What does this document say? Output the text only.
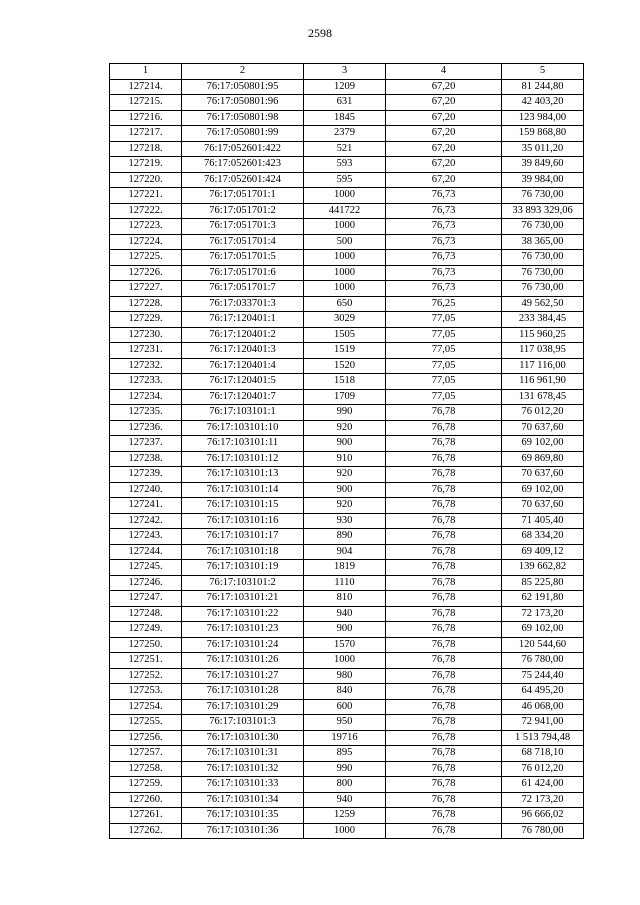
2598
1	2	3	4	5
127214.	76:17:050801:95	1209	67,20	81 244,80
127215.	76:17:050801:96	631	67,20	42 403,20
127216.	76:17:050801:98	1845	67,20	123 984,00
127217.	76:17:050801:99	2379	67,20	159 868,80
127218.	76:17:052601:422	521	67,20	35 011,20
127219.	76:17:052601:423	593	67,20	39 849,60
127220.	76:17:052601:424	595	67,20	39 984,00
127221.	76:17:051701:1	1000	76,73	76 730,00
127222.	76:17:051701:2	441722	76,73	33 893 329,06
127223.	76:17:051701:3	1000	76,73	76 730,00
127224.	76:17:051701:4	500	76,73	38 365,00
127225.	76:17:051701:5	1000	76,73	76 730,00
127226.	76:17:051701:6	1000	76,73	76 730,00
127227.	76:17:051701:7	1000	76,73	76 730,00
127228.	76:17:033701:3	650	76,25	49 562,50
127229.	76:17:120401:1	3029	77,05	233 384,45
127230.	76:17:120401:2	1505	77,05	115 960,25
127231.	76:17:120401:3	1519	77,05	117 038,95
127232.	76:17:120401:4	1520	77,05	117 116,00
127233.	76:17:120401:5	1518	77,05	116 961,90
127234.	76:17:120401:7	1709	77,05	131 678,45
127235.	76:17:103101:1	990	76,78	76 012,20
127236.	76:17:103101:10	920	76,78	70 637,60
127237.	76:17:103101:11	900	76,78	69 102,00
127238.	76:17:103101:12	910	76,78	69 869,80
127239.	76:17:103101:13	920	76,78	70 637,60
127240.	76:17:103101:14	900	76,78	69 102,00
127241.	76:17:103101:15	920	76,78	70 637,60
127242.	76:17:103101:16	930	76,78	71 405,40
127243.	76:17:103101:17	890	76,78	68 334,20
127244.	76:17:103101:18	904	76,78	69 409,12
127245.	76:17:103101:19	1819	76,78	139 662,82
127246.	76:17:103101:2	1110	76,78	85 225,80
127247.	76:17:103101:21	810	76,78	62 191,80
127248.	76:17:103101:22	940	76,78	72 173,20
127249.	76:17:103101:23	900	76,78	69 102,00
127250.	76:17:103101:24	1570	76,78	120 544,60
127251.	76:17:103101:26	1000	76,78	76 780,00
127252.	76:17:103101:27	980	76,78	75 244,40
127253.	76:17:103101:28	840	76,78	64 495,20
127254.	76:17:103101:29	600	76,78	46 068,00
127255.	76:17:103101:3	950	76,78	72 941,00
127256.	76:17:103101:30	19716	76,78	1 513 794,48
127257.	76:17:103101:31	895	76,78	68 718,10
127258.	76:17:103101:32	990	76,78	76 012,20
127259.	76:17:103101:33	800	76,78	61 424,00
127260.	76:17:103101:34	940	76,78	72 173,20
127261.	76:17:103101:35	1259	76,78	96 666,02
127262.	76:17:103101:36	1000	76,78	76 780,00
